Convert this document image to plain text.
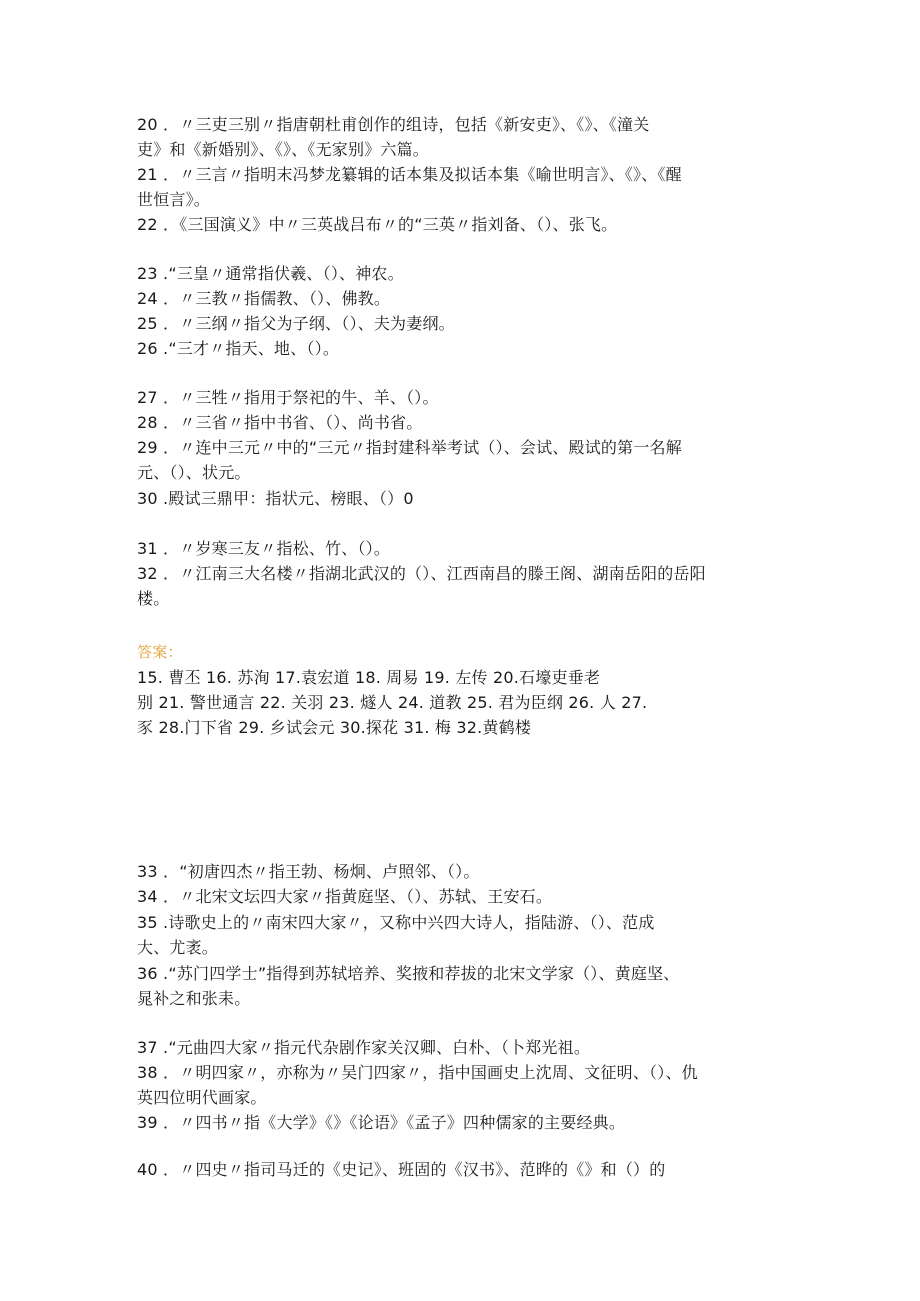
20 ．〃三吏三别〃指唐朝杜甫创作的组诗，包括《新安吏》、《》、《潼关
吏》和《新婚别》、《》、《无家别》六篇。
21 ．〃三言〃指明末冯梦龙纂辑的话本集及拟话本集《喻世明言》、《》、《醒
世恒言》。
22 ．《三国演义》中〃三英战吕布〃的“三英〃指刘备、（）、张飞。
23 .“三皇〃通常指伏羲、（）、神农。
24 ．〃三教〃指儒教、（）、佛教。
25 ．〃三纲〃指父为子纲、（）、夫为妻纲。
26 .“三才〃指天、地、（）。
27 ．〃三牲〃指用于祭祀的牛、羊、（）。
28 ．〃三省〃指中书省、（）、尚书省。
29 ．〃连中三元〃中的“三元〃指封建科举考试（）、会试、殿试的第一名解
元、（）、状元。
30 .殿试三鼎甲：指状元、榜眼、（）0
31 ．〃岁寒三友〃指松、竹、（）。
32 ．〃江南三大名楼〃指湖北武汉的（）、江西南昌的滕王阁、湖南岳阳的岳阳
楼。
答案：
15. 曹丕 16. 苏洵 17.袁宏道 18. 周易 19. 左传 20.石壕吏垂老
别 21. 警世通言 22. 关羽 23. 燧人 24. 道教 25. 君为臣纲 26. 人 27.
豕 28.门下省 29. 乡试会元 30.探花 31. 梅 32.黄鹤楼
33 ．“初唐四杰〃指王勃、杨炯、卢照邻、（）。
34 ．〃北宋文坛四大家〃指黄庭坚、（）、苏轼、王安石。
35 .诗歌史上的〃南宋四大家〃，又称中兴四大诗人，指陆游、（）、范成
大、尤袤。
36 .“苏门四学士”指得到苏轼培养、奖掖和荐拔的北宋文学家（）、黄庭坚、
晁补之和张耒。
37 .“元曲四大家〃指元代杂剧作家关汉卿、白朴、（卜郑光祖。
38 ．〃明四家〃，亦称为〃吴门四家〃，指中国画史上沈周、文征明、（）、仇
英四位明代画家。
39 ．〃四书〃指《大学》《》《论语》《孟子》四种儒家的主要经典。
40 ．〃四史〃指司马迁的《史记》、班固的《汉书》、范晔的《》和（）的
